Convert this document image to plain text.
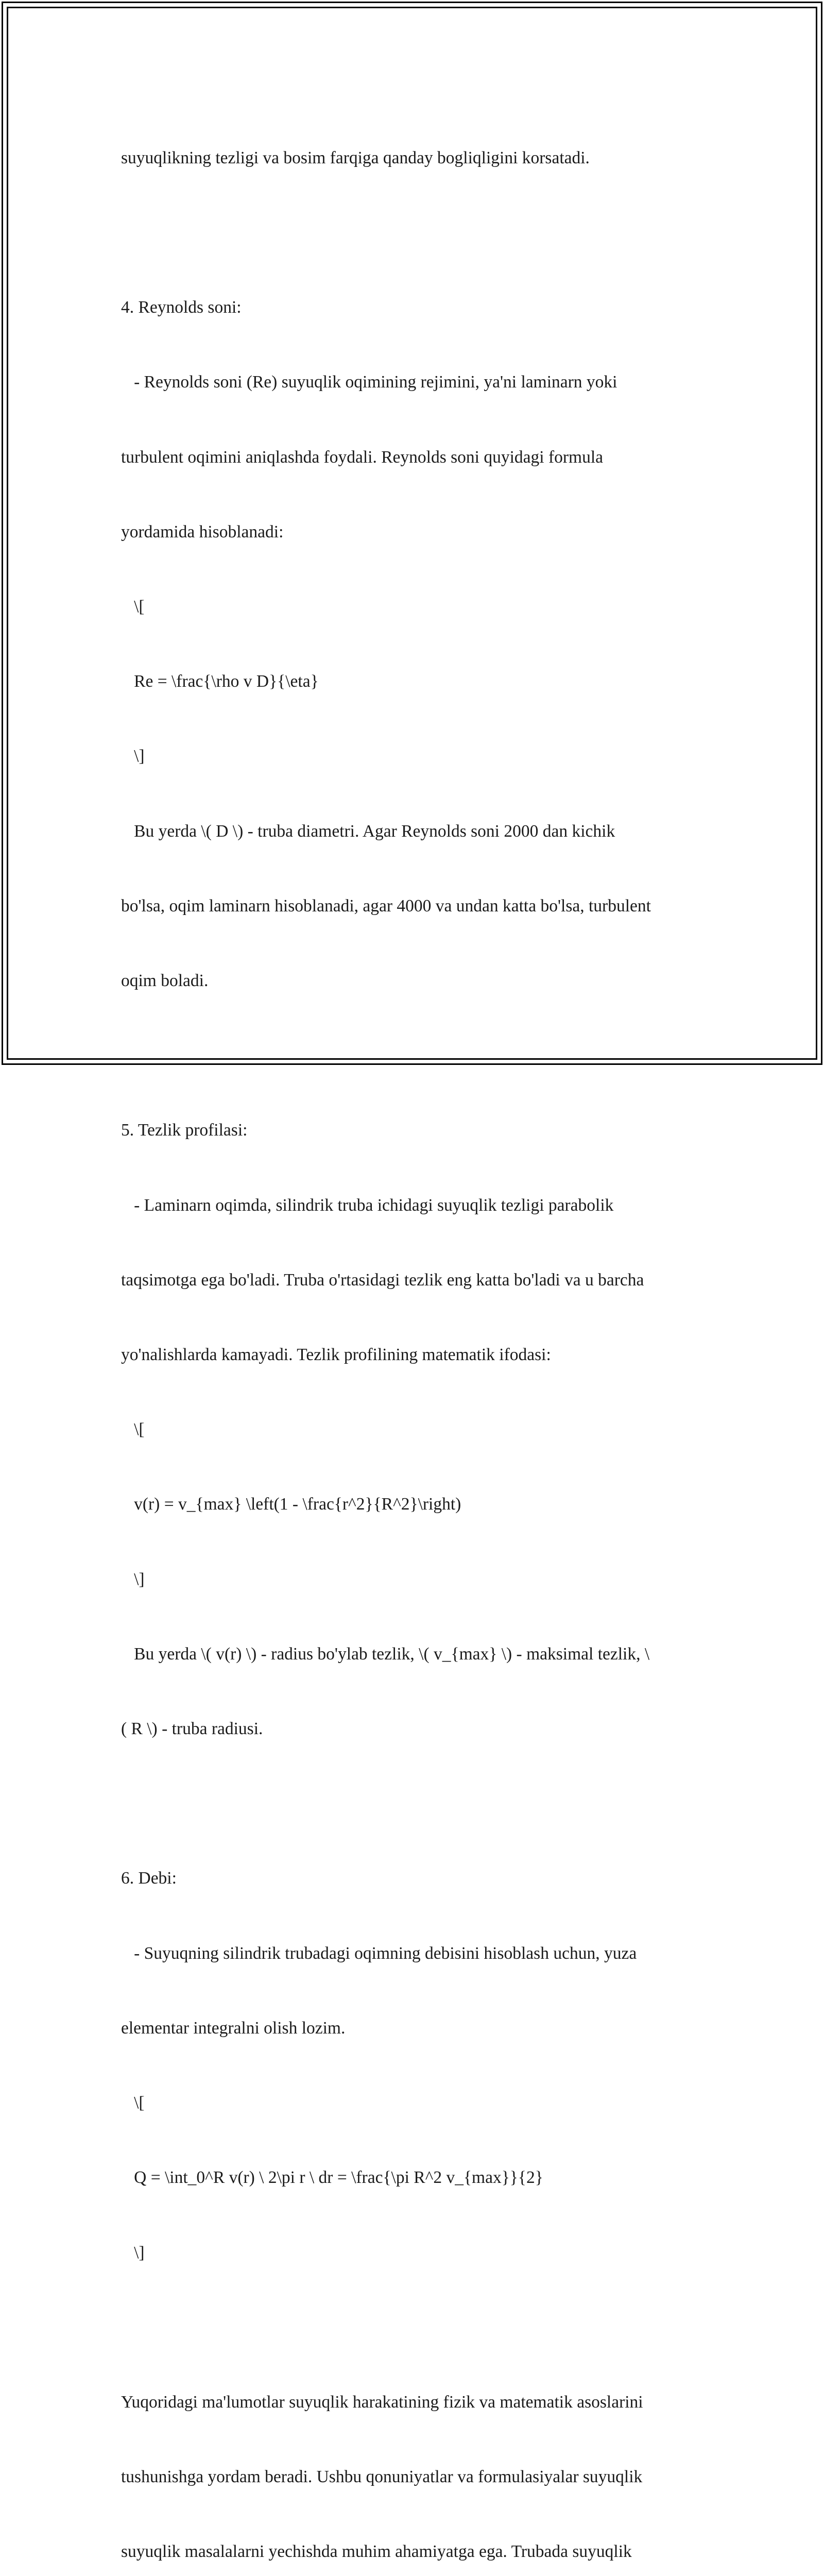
suyuqlikning tezligi va bosim farqiga qanday bogliqligini korsatadi.

4. Reynolds soni:

- Reynolds soni (Re) suyuqlik oqimining rejimini, ya'ni laminarn yoki

turbulent oqimini aniqlashda foydali. Reynolds soni quyidagi formula

yordamida hisoblanadi:

\[

Re = \frac{\rho v D}{\eta}

\]

Bu yerda \( D \) - truba diametri. Agar Reynolds soni 2000 dan kichik

bo'lsa, oqim laminarn hisoblanadi, agar 4000 va undan katta bo'lsa, turbulent

oqim boladi.

5. Tezlik profilasi:

- Laminarn oqimda, silindrik truba ichidagi suyuqlik tezligi parabolik

taqsimotga ega bo'ladi. Truba o'rtasidagi tezlik eng katta bo'ladi va u barcha

yo'nalishlarda kamayadi. Tezlik profilining matematik ifodasi:

\[

v(r) = v_{max} \left(1 - \frac{r^2}{R^2}\right)

\]

Bu yerda \( v(r) \) - radius bo'ylab tezlik, \( v_{max} \) - maksimal tezlik, \

( R \) - truba radiusi.

6. Debi:

- Suyuqning silindrik trubadagi oqimning debisini hisoblash uchun, yuza

elementar integralni olish lozim.

\[

Q = \int_0^R v(r) \ 2\pi r \ dr = \frac{\pi R^2 v_{max}}{2}

\]

Yuqoridagi ma'lumotlar suyuqlik harakatining fizik va matematik asoslarini

tushunishga yordam beradi. Ushbu qonuniyatlar va formulasiyalar suyuqlik

suyuqlik masalalarni yechishda muhim ahamiyatga ega. Trubada suyuqlik
